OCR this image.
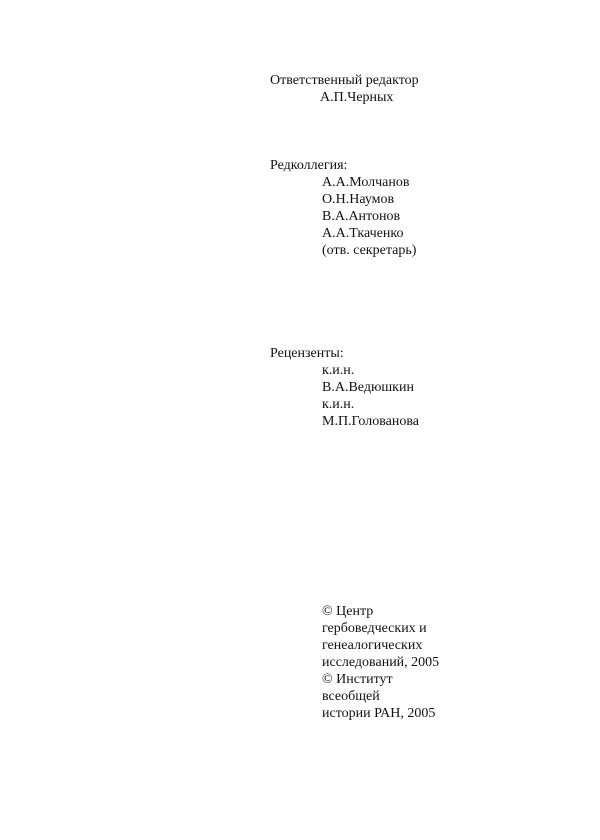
Ответственный редактор
А.П.Черных
Редколлегия:
А.А.Молчанов
О.Н.Наумов
В.А.Антонов
А.А.Ткаченко
(отв. секретарь)
Рецензенты:
к.и.н.
В.А.Ведюшкин
к.и.н.
М.П.Голованова
© Центр
гербоведческих и
генеалогических
исследований, 2005
© Институт
всеобщей
истории РАН, 2005
